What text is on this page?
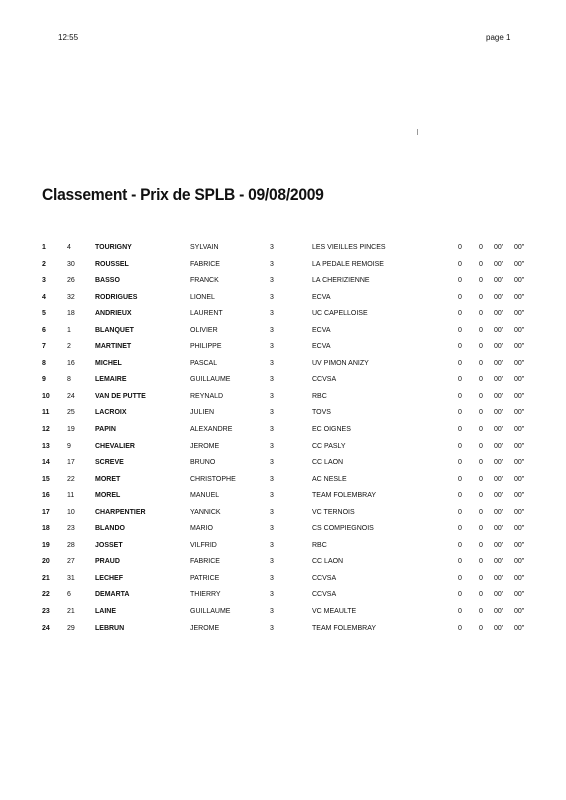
12:55	page 1
Classement - Prix de SPLB - 09/08/2009
1	4	TOURIGNY	SYLVAIN	3	LES VIEILLES PINCES	0 0 00' 00"
2	30	ROUSSEL	FABRICE	3	LA PEDALE REMOISE	0 0 00' 00"
3	26	BASSO	FRANCK	3	LA CHERIZIENNE	0 0 00' 00"
4	32	RODRIGUES	LIONEL	3	ECVA	0 0 00' 00"
5	18	ANDRIEUX	LAURENT	3	UC CAPELLOISE	0 0 00' 00"
6	1	BLANQUET	OLIVIER	3	ECVA	0 0 00' 00"
7	2	MARTINET	PHILIPPE	3	ECVA	0 0 00' 00"
8	16	MICHEL	PASCAL	3	UV PIMON ANIZY	0 0 00' 00"
9	8	LEMAIRE	GUILLAUME	3	CCVSA	0 0 00' 00"
10 24	VAN DE PUTTE	REYNALD	3	RBC	0 0 00' 00"
11	25	LACROIX	JULIEN	3	TOVS	0 0 00' 00"
12 19	PAPIN	ALEXANDRE	3	EC OIGNES	0 0 00' 00"
13 9	CHEVALIER	JEROME	3	CC PASLY	0 0 00' 00"
14 17	SCREVE	BRUNO	3	CC LAON	0 0 00' 00"
15 22	MORET	CHRISTOPHE	3	AC NESLE	0 0 00' 00"
16 11	MOREL	MANUEL	3	TEAM FOLEMBRAY	0 0 00' 00"
17 10	CHARPENTIER	YANNICK	3	VC TERNOIS	0 0 00' 00"
18 23	BLANDO	MARIO	3	CS COMPIEGNOIS	0 0 00' 00"
19 28	JOSSET	VILFRID	3	RBC	0 0 00' 00"
20 27	PRAUD	FABRICE	3	CC LAON	0 0 00' 00"
21 31	LECHEF	PATRICE	3	CCVSA	0 0 00' 00"
22 6	DEMARTA	THIERRY	3	CCVSA	0 0 00' 00"
23 21	LAINE	GUILLAUME	3	VC MEAULTE	0 0 00' 00"
24 29	LEBRUN	JEROME	3	TEAM FOLEMBRAY	0 0 00' 00"
